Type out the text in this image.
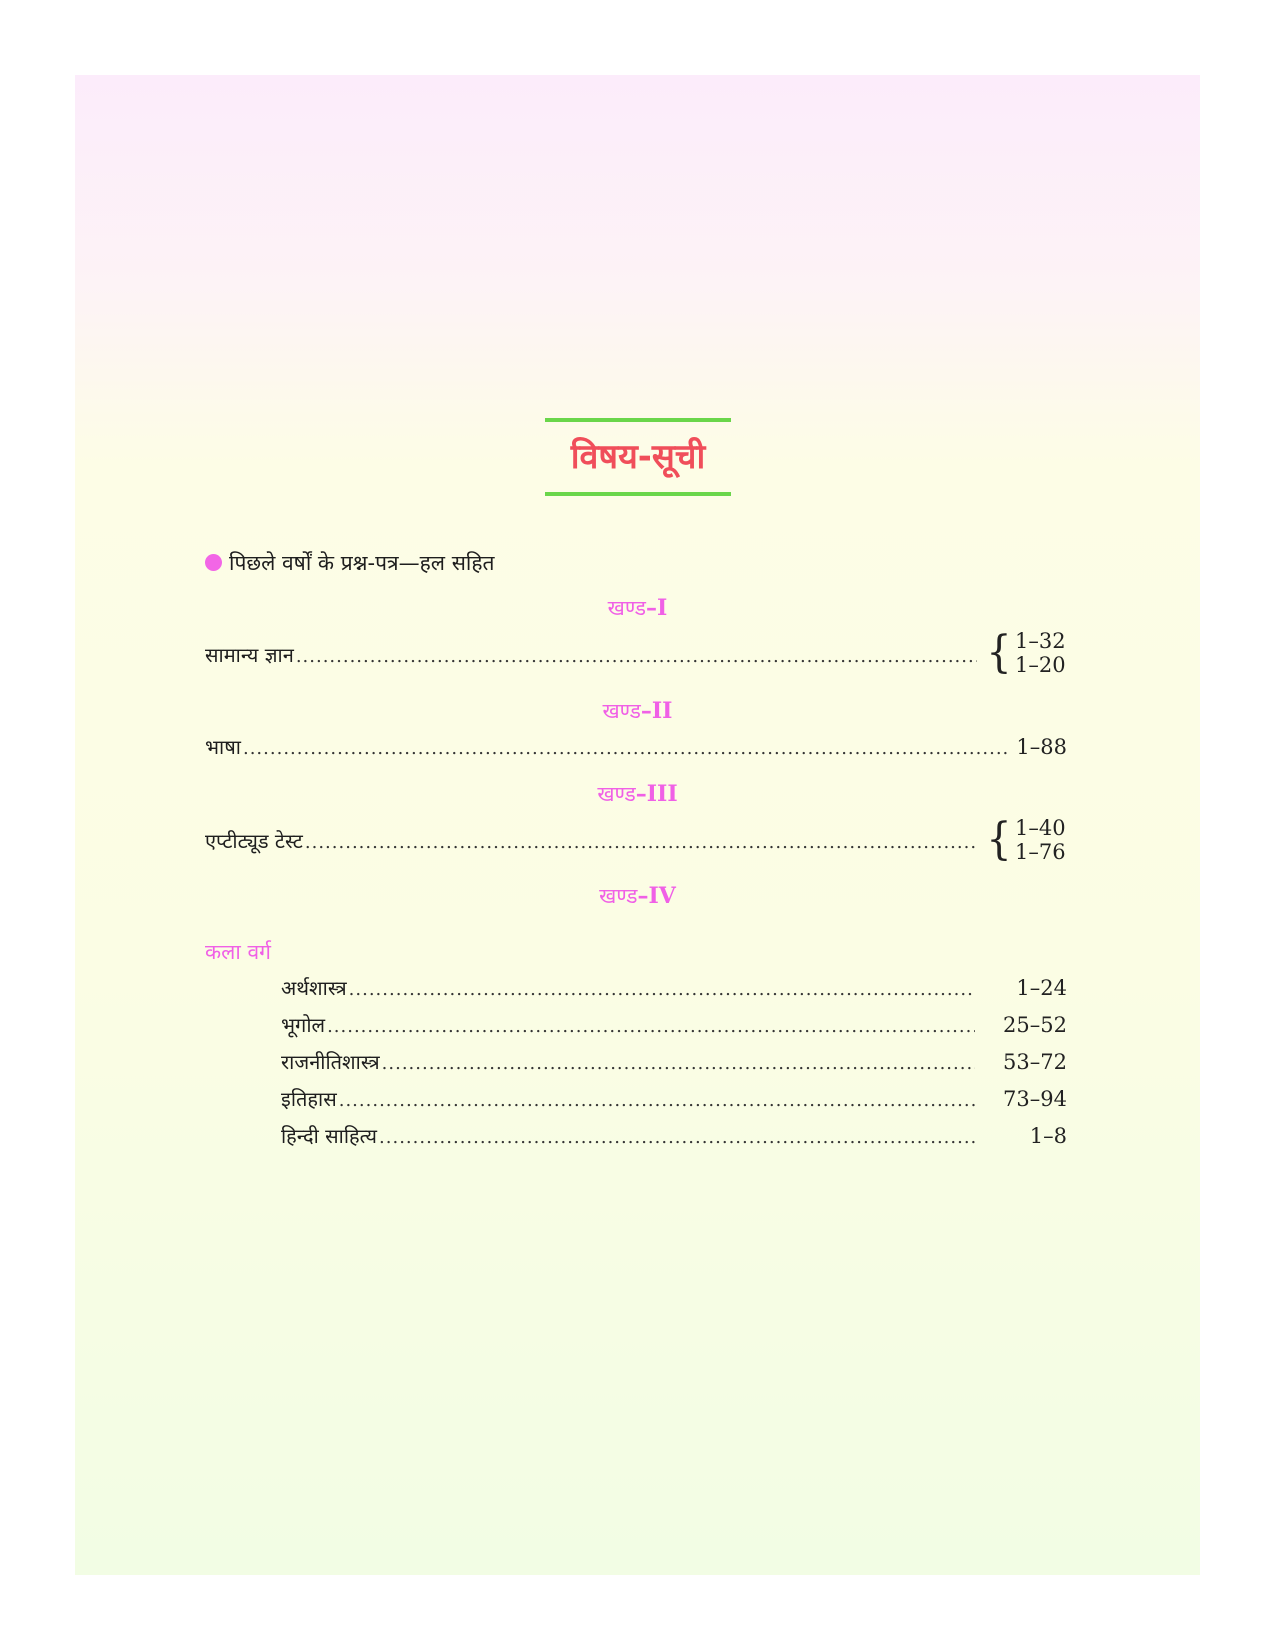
विषय-सूची
पिछले वर्षों के प्रश्न-पत्र—हल सहित
खण्ड–I
सामान्य ज्ञान .....	{ 1–32
1–20
खण्ड–II
भाषा .....	1–88
खण्ड–III
एप्टीट्यूड टेस्ट .....	{ 1–40
1–76
खण्ड–IV
कला वर्ग
अर्थशास्त्र .....	1–24
भूगोल .....	25–52
राजनीतिशास्त्र .....	53–72
इतिहास .....	73–94
हिन्दी साहित्य .....	1–8
